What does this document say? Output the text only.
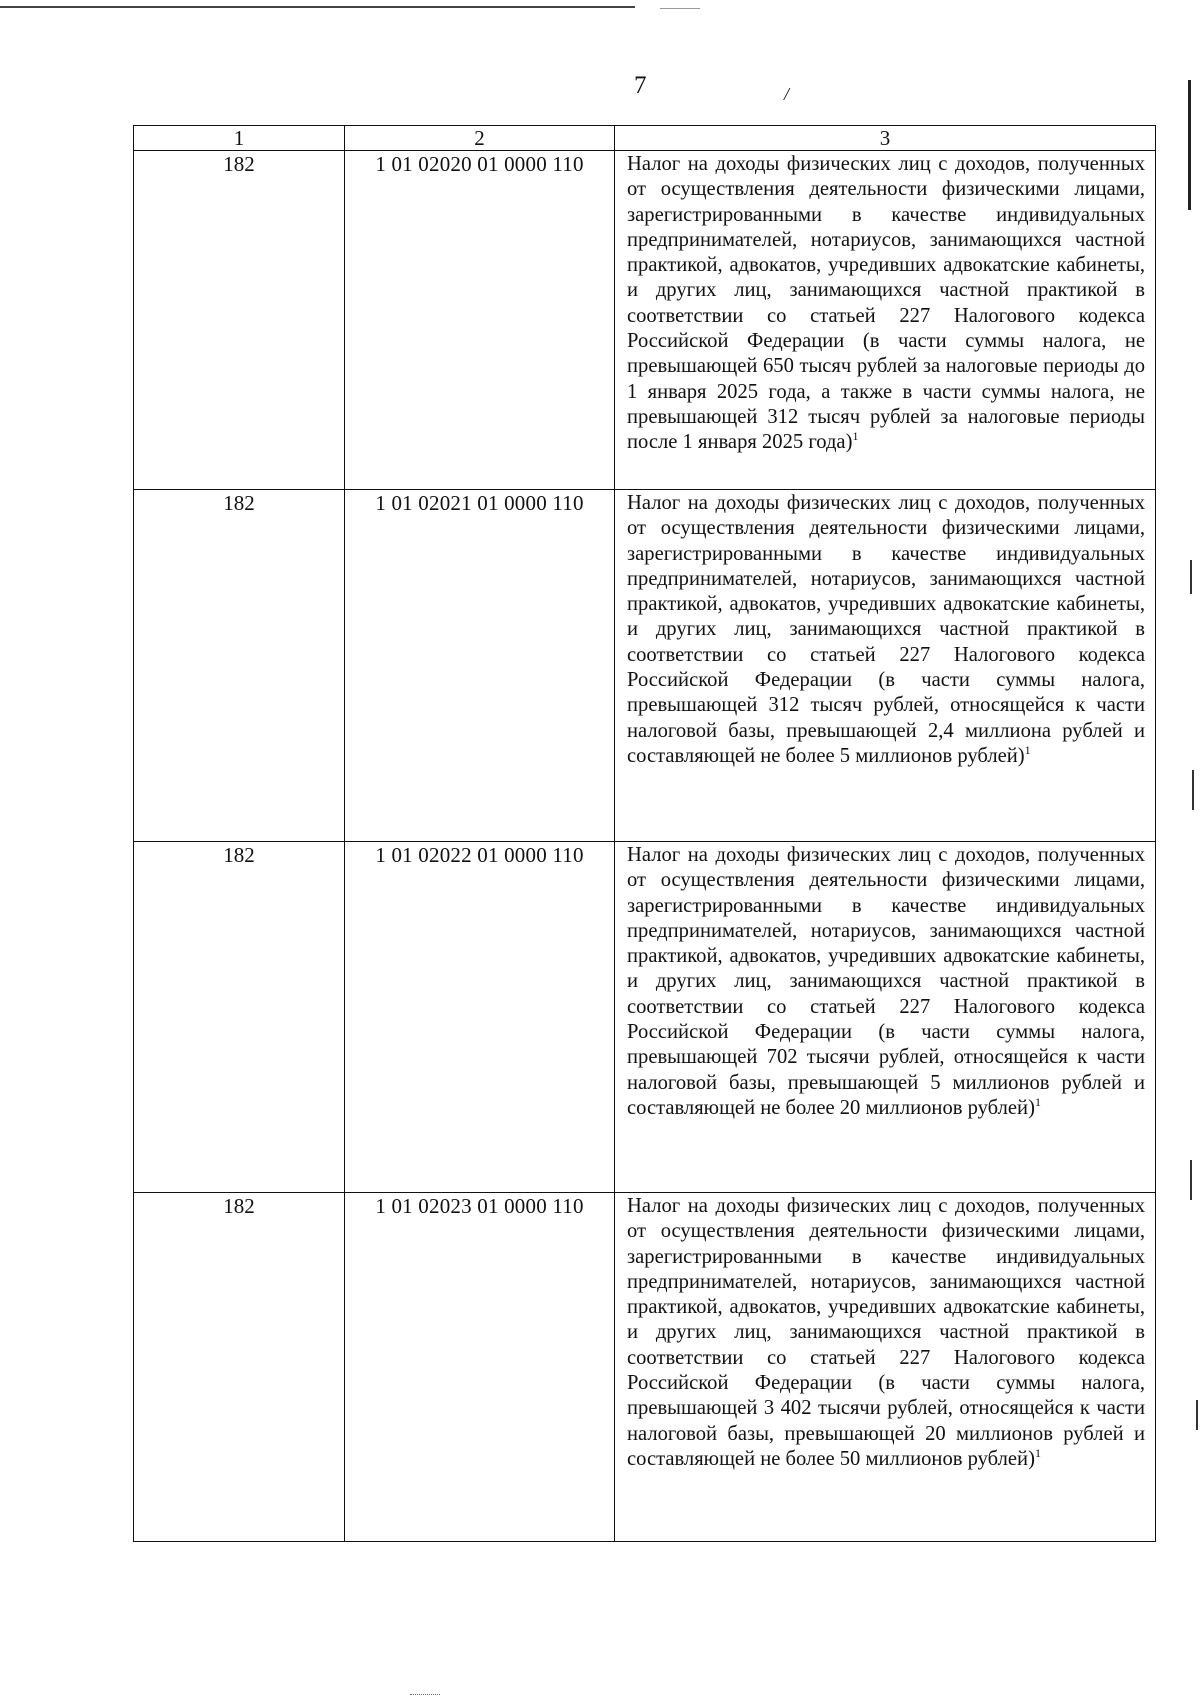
7	/
1	2	3
182	1 01 02020 01 0000 110	Налог на доходы физических лиц с доходов, полученных от осуществления деятельности физическими лицами, зарегистрированными в качестве индивидуальных предпринимателей, нотариусов, занимающихся частной практикой, адвокатов, учредивших адвокатские кабинеты, и других лиц, занимающихся частной практикой в соответствии со статьей 227 Налогового кодекса Российской Федерации (в части суммы налога, не превышающей 650 тысяч рублей за налоговые периоды до 1 января 2025 года, а также в части суммы налога, не превышающей 312 тысяч рублей за налоговые периоды после 1 января 2025 года)$^1$
182	1 01 02021 01 0000 110	Налог на доходы физических лиц с доходов, полученных от осуществления деятельности физическими лицами, зарегистрированными в качестве индивидуальных предпринимателей, нотариусов, занимающихся частной практикой, адвокатов, учредивших адвокатские кабинеты, и других лиц, занимающихся частной практикой в соответствии со статьей 227 Налогового кодекса Российской Федерации (в части суммы налога, превышающей 312 тысяч рублей, относящейся к части налоговой базы, превышающей 2,4 миллиона рублей и составляющей не более 5 миллионов рублей)$^1$
182	1 01 02022 01 0000 110	Налог на доходы физических лиц с доходов, полученных от осуществления деятельности физическими лицами, зарегистрированными в качестве индивидуальных предпринимателей, нотариусов, занимающихся частной практикой, адвокатов, учредивших адвокатские кабинеты, и других лиц, занимающихся частной практикой в соответствии со статьей 227 Налогового кодекса Российской Федерации (в части суммы налога, превышающей 702 тысячи рублей, относящейся к части налоговой базы, превышающей 5 миллионов рублей и составляющей не более 20 миллионов рублей)$^1$
182	1 01 02023 01 0000 110	Налог на доходы физических лиц с доходов, полученных от осуществления деятельности физическими лицами, зарегистрированными в качестве индивидуальных предпринимателей, нотариусов, занимающихся частной практикой, адвокатов, учредивших адвокатские кабинеты, и других лиц, занимающихся частной практикой в соответствии со статьей 227 Налогового кодекса Российской Федерации (в части суммы налога, превышающей 3 402 тысячи рублей, относящейся к части налоговой базы, превышающей 20 миллионов рублей и составляющей не более 50 миллионов рублей)$^1$
